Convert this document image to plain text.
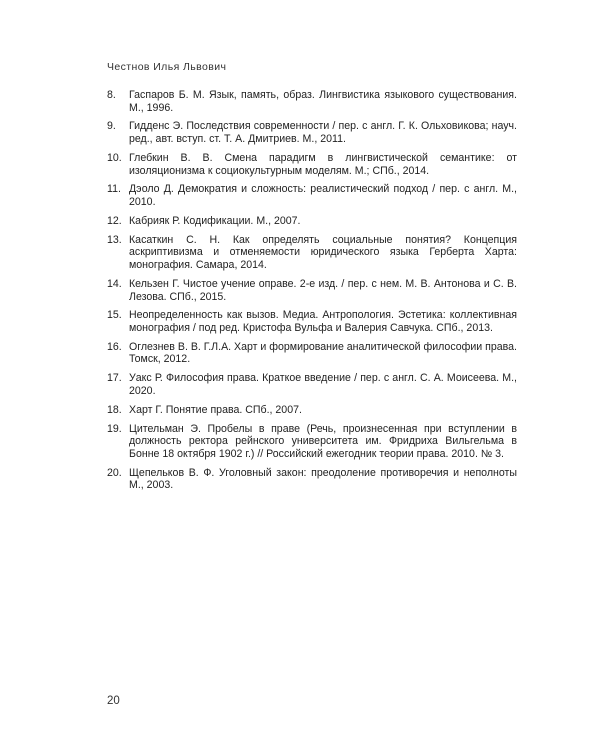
Честнов Илья Львович
8.	Гаспаров Б. М. Язык, память, образ. Лингвистика языкового существования. М., 1996.
9.	Гидденс Э. Последствия современности / пер. с англ. Г. К. Ольховикова; науч. ред., авт. вступ. ст. Т. А. Дмитриев. М., 2011.
10. Глебкин В. В. Смена парадигм в лингвистической семантике: от изоляционизма к социокультурным моделям. М.; СПб., 2014.
11. Дэоло Д. Демократия и сложность: реалистический подход / пер. с англ. М., 2010.
12. Кабрияк Р. Кодификации. М., 2007.
13. Касаткин С. Н. Как определять социальные понятия? Концепция аскриптивизма и отменяемости юридического языка Герберта Харта: монография. Самара, 2014.
14. Кельзен Г. Чистое учение оправе. 2-е изд. / пер. с нем. М. В. Антонова и С. В. Лезова. СПб., 2015.
15. Неопределенность как вызов. Медиа. Антропология. Эстетика: коллективная монография / под ред. Кристофа Вульфа и Валерия Савчука. СПб., 2013.
16. Оглезнев В. В. Г.Л.А. Харт и формирование аналитической философии права. Томск, 2012.
17. Уакс Р. Философия права. Краткое введение / пер. с англ. С. А. Моисеева. М., 2020.
18. Харт Г. Понятие права. СПб., 2007.
19. Цительман Э. Пробелы в праве (Речь, произнесенная при вступлении в должность ректора рейнского университета им. Фридриха Вильгельма в Бонне 18 октября 1902 г.) // Российский ежегодник теории права. 2010. № 3.
20. Щепельков В. Ф. Уголовный закон: преодоление противоречия и неполноты М., 2003.
20
